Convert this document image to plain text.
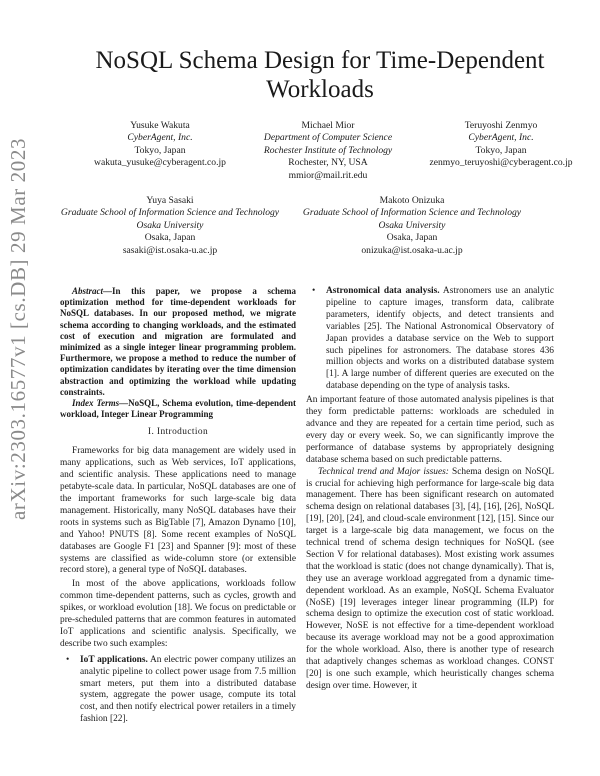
arXiv:2303.16577v1 [cs.DB] 29 Mar 2023
NoSQL Schema Design for Time-Dependent Workloads
Yusuke Wakuta
CyberAgent, Inc.
Tokyo, Japan
wakuta_yusuke@cyberagent.co.jp
Michael Mior
Department of Computer Science
Rochester Institute of Technology
Rochester, NY, USA
mmior@mail.rit.edu
Teruyoshi Zenmyo
CyberAgent, Inc.
Tokyo, Japan
zenmyo_teruyoshi@cyberagent.co.jp
Yuya Sasaki
Graduate School of Information Science and Technology
Osaka University
Osaka, Japan
sasaki@ist.osaka-u.ac.jp
Makoto Onizuka
Graduate School of Information Science and Technology
Osaka University
Osaka, Japan
onizuka@ist.osaka-u.ac.jp

Abstract—In this paper, we propose a schema optimization method for time-dependent workloads for NoSQL databases. In our proposed method, we migrate schema according to changing workloads, and the estimated cost of execution and migration are formulated and minimized as a single integer linear programming problem. Furthermore, we propose a method to reduce the number of optimization candidates by iterating over the time dimension abstraction and optimizing the workload while updating constraints.

Index Terms—NoSQL, Schema evolution, time-dependent workload, Integer Linear Programming

I. Introduction

Frameworks for big data management are widely used in many applications, such as Web services, IoT applications, and scientific analysis. These applications need to manage petabyte-scale data. In particular, NoSQL databases are one of the important frameworks for such large-scale big data management. Historically, many NoSQL databases have their roots in systems such as BigTable [7], Amazon Dynamo [10], and Yahoo! PNUTS [8]. Some recent examples of NoSQL databases are Google F1 [23] and Spanner [9]: most of these systems are classified as wide-column store (or extensible record store), a general type of NoSQL databases.

In most of the above applications, workloads follow common time-dependent patterns, such as cycles, growth and spikes, or workload evolution [18]. We focus on predictable or pre-scheduled patterns that are common features in automated IoT applications and scientific analysis. Specifically, we describe two such examples:

• IoT applications. An electric power company utilizes an analytic pipeline to collect power usage from 7.5 million smart meters, put them into a distributed database system, aggregate the power usage, compute its total cost, and then notify electrical power retailers in a timely fashion [22].
• Astronomical data analysis. Astronomers use an analytic pipeline to capture images, transform data, calibrate parameters, identify objects, and detect transients and variables [25]. The National Astronomical Observatory of Japan provides a database service on the Web to support such pipelines for astronomers. The database stores 436 million objects and works on a distributed database system [1]. A large number of different queries are executed on the database depending on the type of analysis tasks.

An important feature of those automated analysis pipelines is that they form predictable patterns: workloads are scheduled in advance and they are repeated for a certain time period, such as every day or every week. So, we can significantly improve the performance of database systems by appropriately designing database schema based on such predictable patterns.

Technical trend and Major issues: Schema design on NoSQL is crucial for achieving high performance for large-scale big data management. There has been significant research on automated schema design on relational databases [3], [4], [16], [26], NoSQL [19], [20], [24], and cloud-scale environment [12], [15]. Since our target is a large-scale big data management, we focus on the technical trend of schema design techniques for NoSQL (see Section V for relational databases). Most existing work assumes that the workload is static (does not change dynamically). That is, they use an average workload aggregated from a dynamic time-dependent workload. As an example, NoSQL Schema Evaluator (NoSE) [19] leverages integer linear programming (ILP) for schema design to optimize the execution cost of static workload. However, NoSE is not effective for a time-dependent workload because its average workload may not be a good approximation for the whole workload. Also, there is another type of research that adaptively changes schemas as workload changes. CONST [20] is one such example, which heuristically changes schema design over time. However, it
